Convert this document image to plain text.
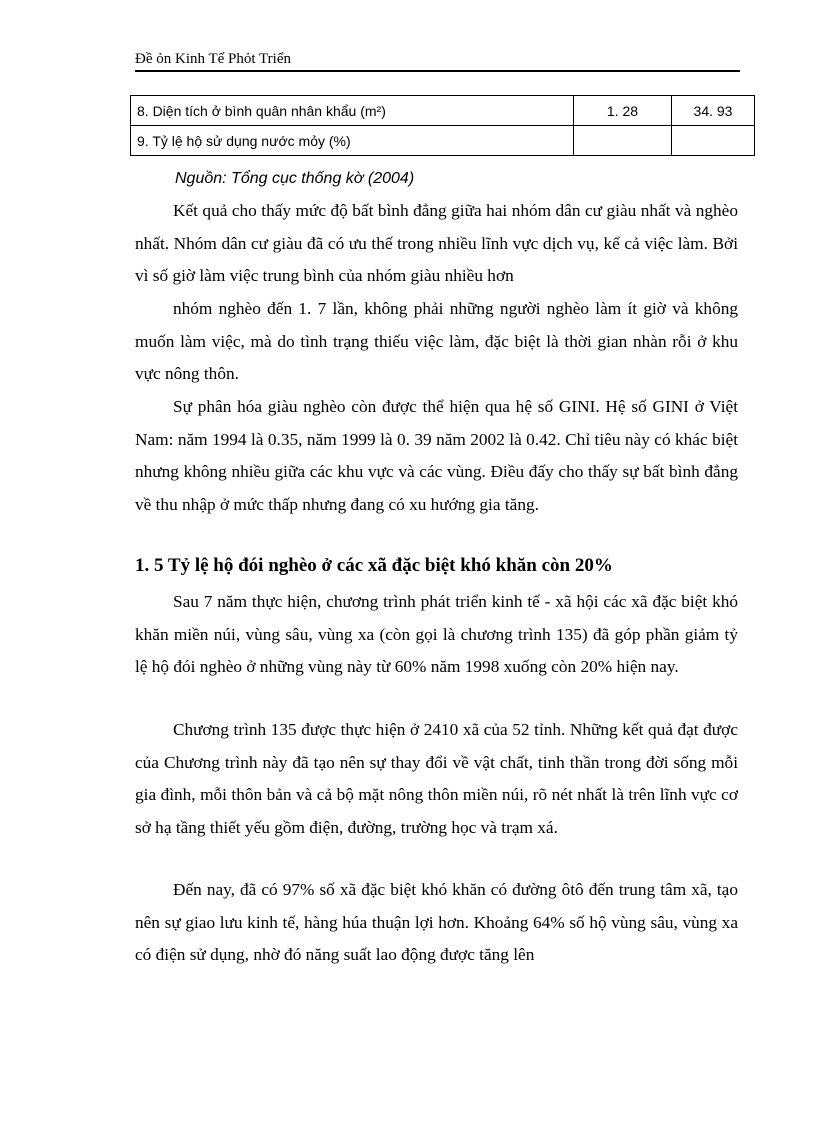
Đề ỏn Kinh Tế Phỏt Triển
8. Diện tích ở bình quân nhân khẩu (m²)	1. 28	34. 93
9. Tỷ lệ hộ sử dụng nước mỏy (%)		
Nguồn: Tổng cục thống kờ (2004)

Kết quả cho thấy mức độ bất bình đẳng giữa hai nhóm dân cư giàu nhất và nghèo nhất. Nhóm dân cư giàu đã có ưu thế trong nhiều lĩnh vực dịch vụ, kể cả việc làm. Bởi vì số giờ làm việc trung bình của nhóm giàu nhiều hơn

nhóm nghèo đến 1. 7 lần, không phải những người nghèo làm ít giờ và không muốn làm việc, mà do tình trạng thiếu việc làm, đặc biệt là thời gian nhàn rỗi ở khu vực nông thôn.

Sự phân hóa giàu nghèo còn được thể hiện qua hệ số GINI. Hệ số GINI ở Việt Nam: năm 1994 là 0.35, năm 1999 là 0. 39 năm 2002 là 0.42. Chỉ tiêu này có khác biệt nhưng không nhiều giữa các khu vực và các vùng. Điều đấy cho thấy sự bất bình đẳng về thu nhập ở mức thấp nhưng đang có xu hướng gia tăng.

1. 5 Tỷ lệ hộ đói nghèo ở các xã đặc biệt khó khăn còn 20%

Sau 7 năm thực hiện, chương trình phát triển kinh tế - xã hội các xã đặc biệt khó khăn miền núi, vùng sâu, vùng xa (còn gọi là chương trình 135) đã góp phần giảm tỷ lệ hộ đói nghèo ở những vùng này từ 60% năm 1998 xuống còn 20% hiện nay.

Chương trình 135 được thực hiện ở 2410 xã của 52 tỉnh. Những kết quả đạt được của Chương trình này đã tạo nên sự thay đổi về vật chất, tinh thần trong đời sống mỗi gia đình, mỗi thôn bản và cả bộ mặt nông thôn miền núi, rõ nét nhất là trên lĩnh vực cơ sở hạ tầng thiết yếu gồm điện, đường, trường học và trạm xá.

Đến nay, đã có 97% số xã đặc biệt khó khăn có đường ôtô đến trung tâm xã, tạo nên sự giao lưu kinh tế, hàng húa thuận lợi hơn. Khoảng 64% số hộ vùng sâu, vùng xa có điện sử dụng, nhờ đó năng suất lao động được tăng lên
